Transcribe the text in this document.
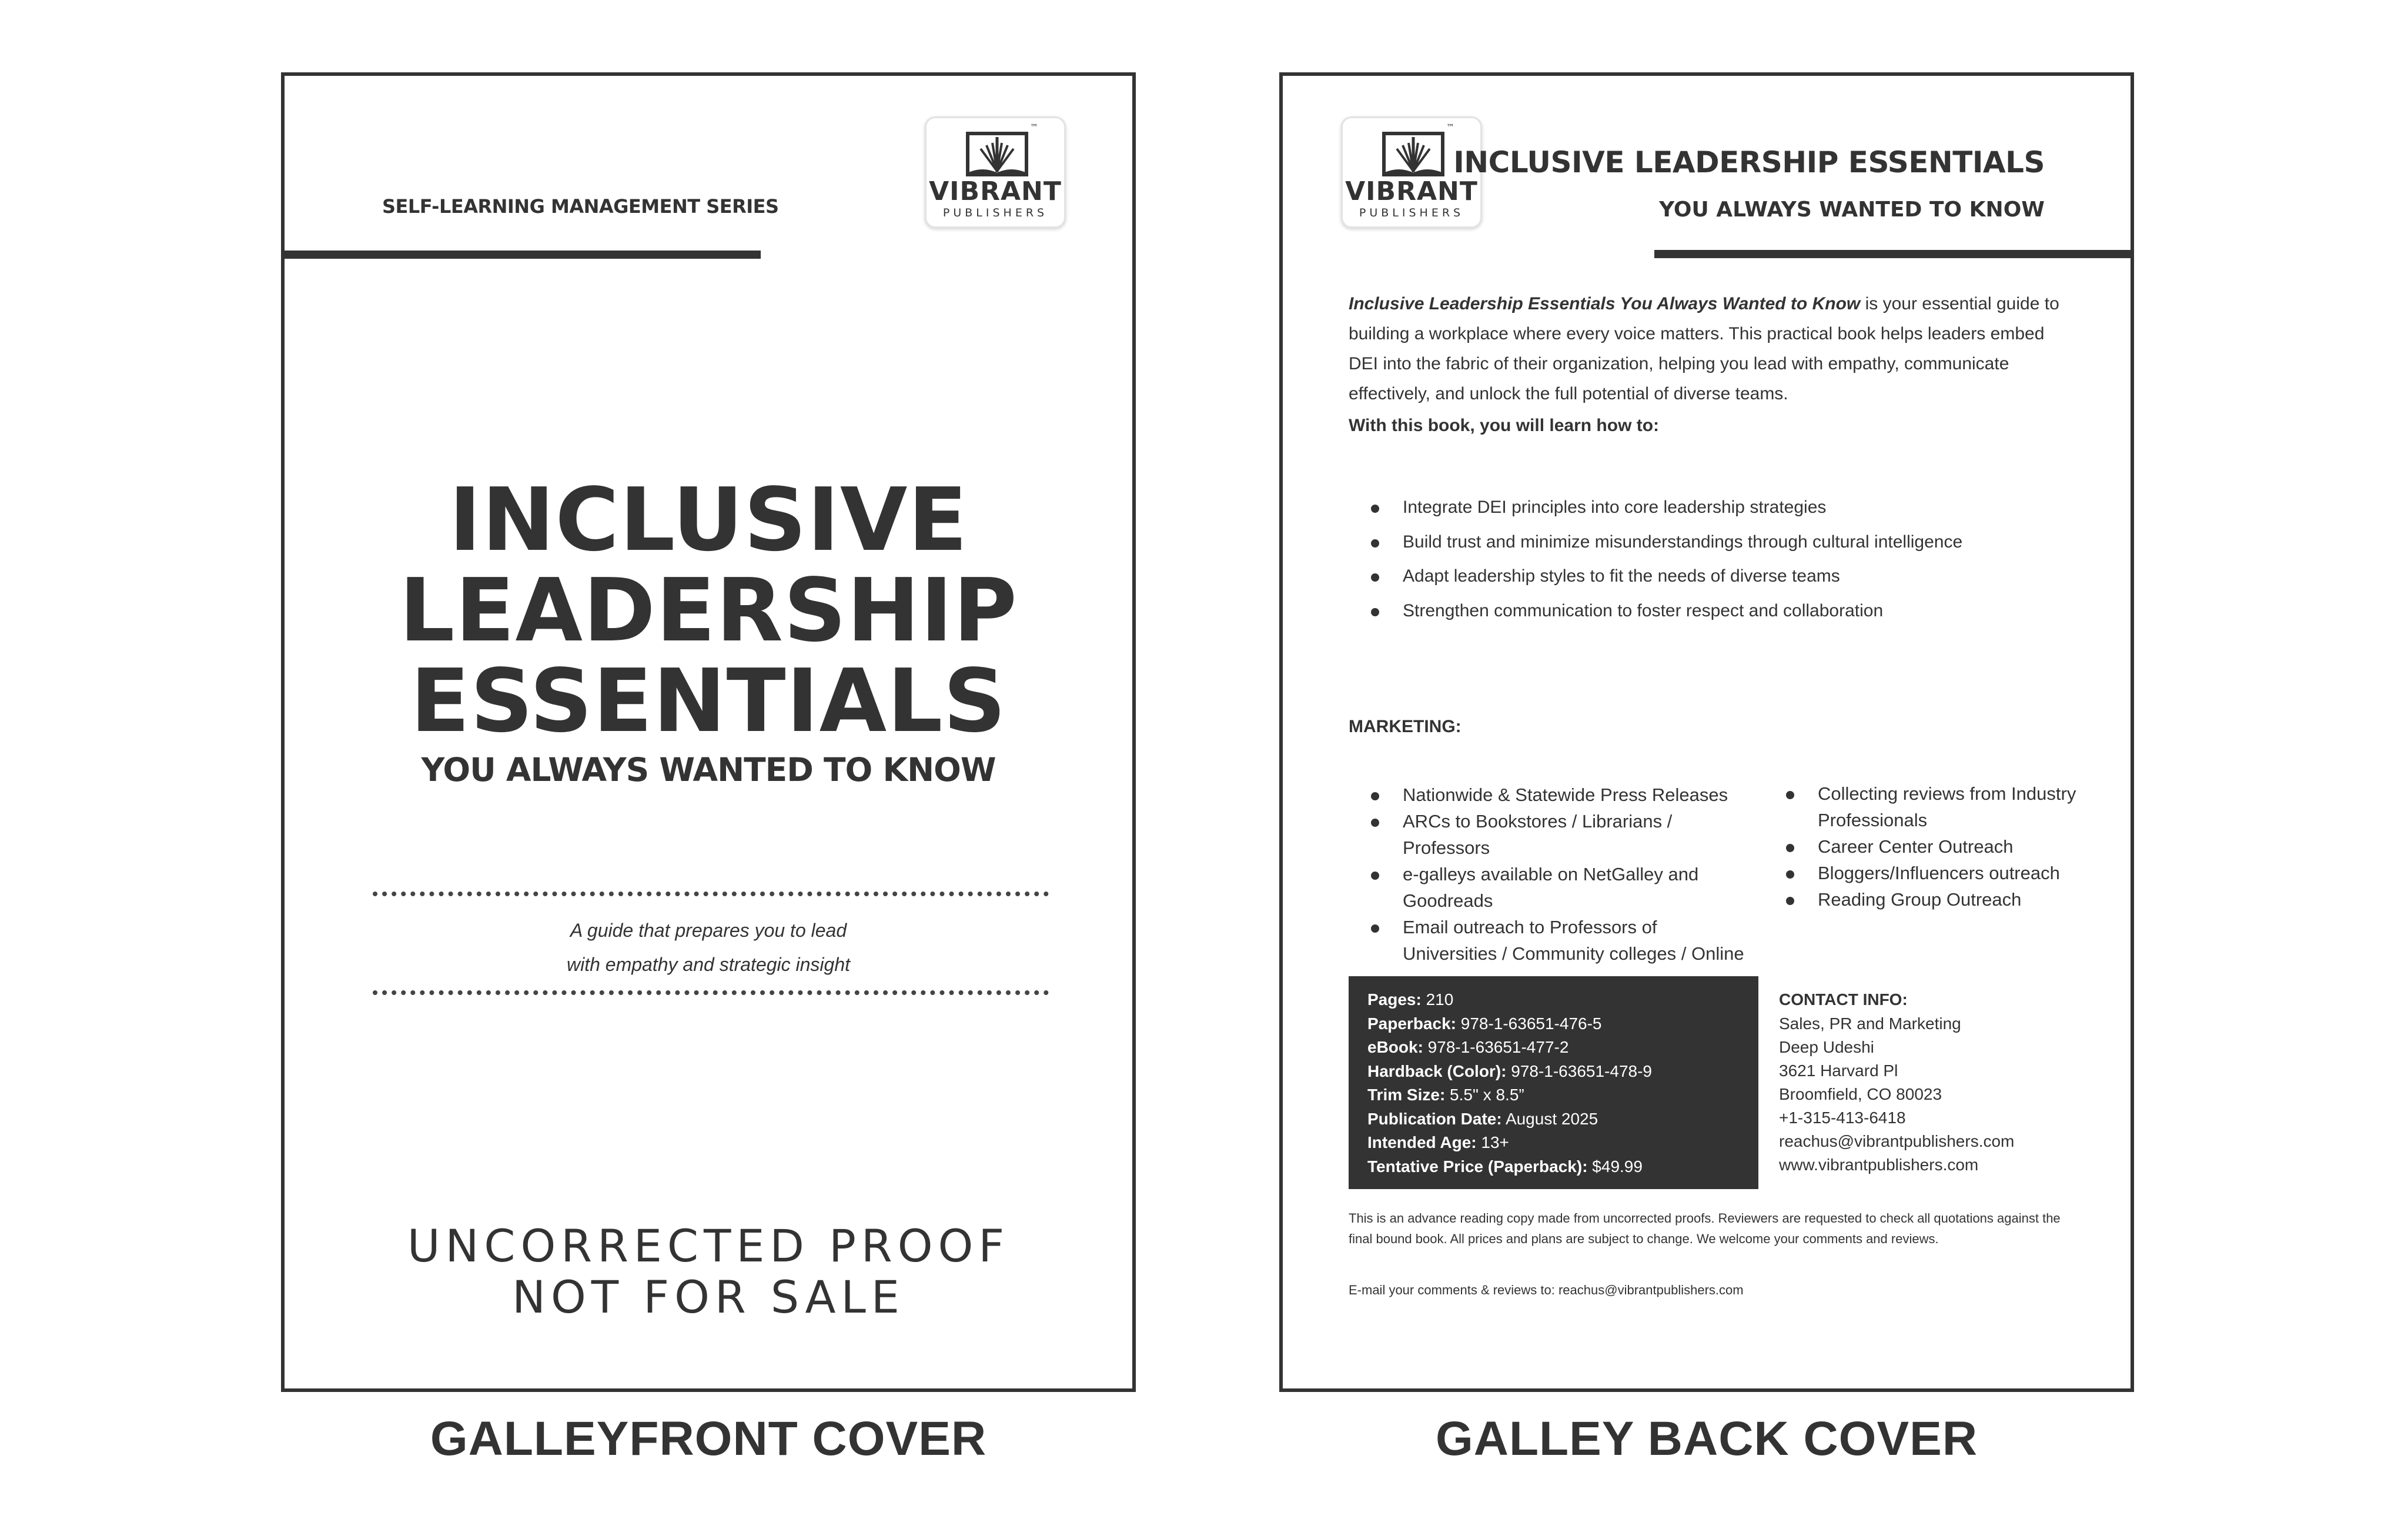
SELF-LEARNING MANAGEMENT SERIES
™
VIBRANT
PUBLISHERS
INCLUSIVE
LEADERSHIP
ESSENTIALS
YOU ALWAYS WANTED TO KNOW
A guide that prepares you to lead
with empathy and strategic insight
UNCORRECTED PROOF
NOT FOR SALE
GALLEYFRONT COVER
™
VIBRANT
PUBLISHERS
INCLUSIVE LEADERSHIP ESSENTIALS
YOU ALWAYS WANTED TO KNOW

Inclusive Leadership Essentials You Always Wanted to Know is your essential guide to building a workplace where every voice matters. This practical book helps leaders embed DEI into the fabric of their organization, helping you lead with empathy, communicate effectively, and unlock the full potential of diverse teams.

With this book, you will learn how to:
Integrate DEI principles into core leadership strategies
Build trust and minimize misunderstandings through cultural intelligence
Adapt leadership styles to fit the needs of diverse teams
Strengthen communication to foster respect and collaboration
MARKETING:
Nationwide & Statewide Press Releases
ARCs to Bookstores / Librarians / Professors
e-galleys available on NetGalley and Goodreads
Email outreach to Professors of Universities / Community colleges / Online
Collecting reviews from Industry Professionals
Career Center Outreach
Bloggers/Influencers outreach
Reading Group Outreach
Pages: 210
Paperback: 978-1-63651-476-5
eBook: 978-1-63651-477-2
Hardback (Color): 978-1-63651-478-9
Trim Size: 5.5" x 8.5”
Publication Date: August 2025
Intended Age: 13+
Tentative Price (Paperback): $49.99
CONTACT INFO:
Sales, PR and Marketing
Deep Udeshi
3621 Harvard Pl
Broomfield, CO 80023
+1-315-413-6418
reachus@vibrantpublishers.com
www.vibrantpublishers.com

This is an advance reading copy made from uncorrected proofs. Reviewers are requested to check all quotations against the final bound book. All prices and plans are subject to change. We welcome your comments and reviews.

E-mail your comments & reviews to: reachus@vibrantpublishers.com

GALLEY BACK COVER
